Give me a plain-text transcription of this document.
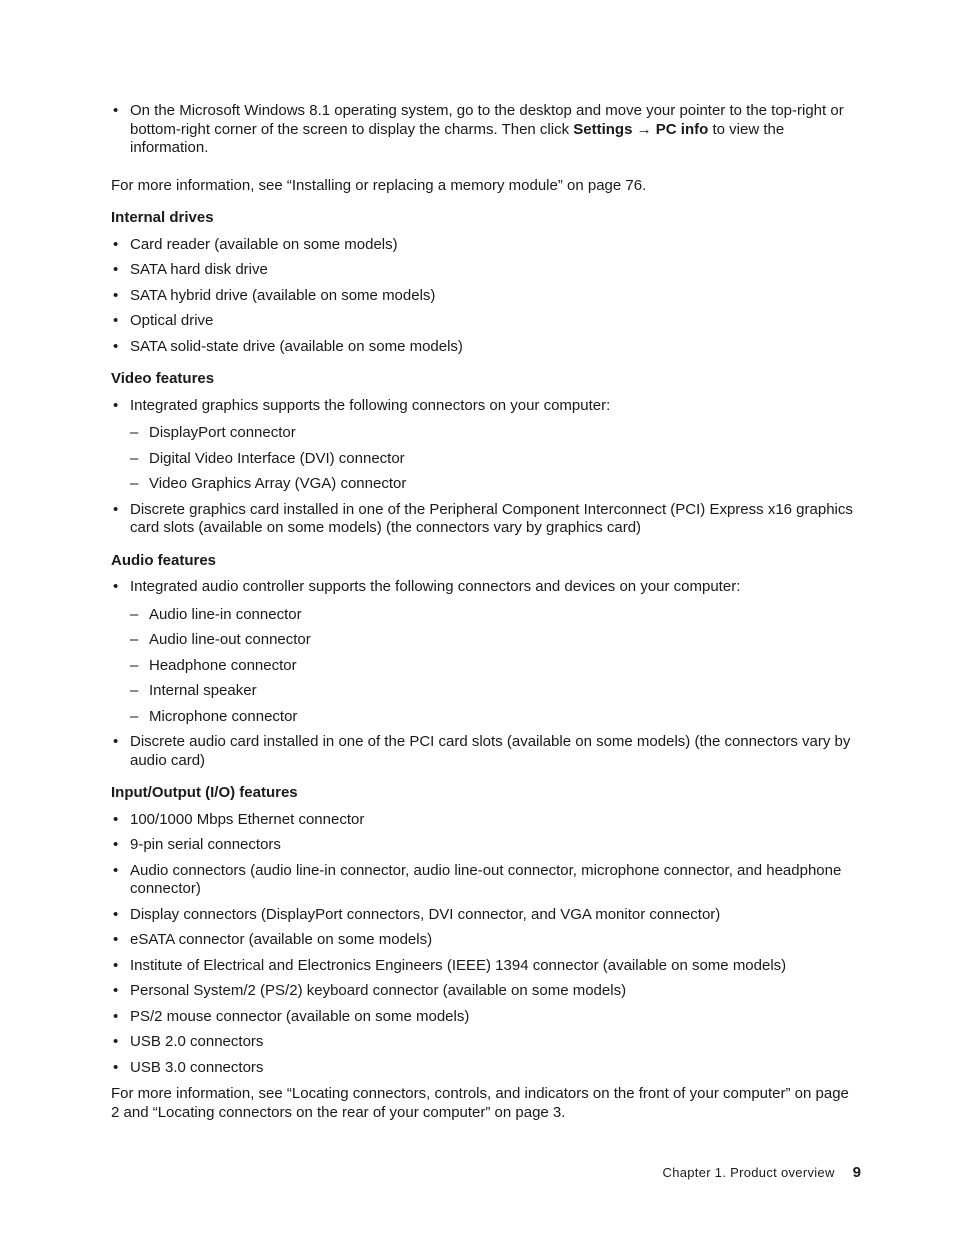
• On the Microsoft Windows 8.1 operating system, go to the desktop and move your pointer to the top-right or bottom-right corner of the screen to display the charms. Then click Settings → PC info to view the information.
For more information, see “Installing or replacing a memory module” on page 76.
Internal drives
• Card reader (available on some models)
• SATA hard disk drive
• SATA hybrid drive (available on some models)
• Optical drive
• SATA solid-state drive (available on some models)
Video features
• Integrated graphics supports the following connectors on your computer:
– DisplayPort connector
– Digital Video Interface (DVI) connector
– Video Graphics Array (VGA) connector
• Discrete graphics card installed in one of the Peripheral Component Interconnect (PCI) Express x16 graphics card slots (available on some models) (the connectors vary by graphics card)
Audio features
• Integrated audio controller supports the following connectors and devices on your computer:
– Audio line-in connector
– Audio line-out connector
– Headphone connector
– Internal speaker
– Microphone connector
• Discrete audio card installed in one of the PCI card slots (available on some models) (the connectors vary by audio card)
Input/Output (I/O) features
• 100/1000 Mbps Ethernet connector
• 9-pin serial connectors
• Audio connectors (audio line-in connector, audio line-out connector, microphone connector, and headphone connector)
• Display connectors (DisplayPort connectors, DVI connector, and VGA monitor connector)
• eSATA connector (available on some models)
• Institute of Electrical and Electronics Engineers (IEEE) 1394 connector (available on some models)
• Personal System/2 (PS/2) keyboard connector (available on some models)
• PS/2 mouse connector (available on some models)
• USB 2.0 connectors
• USB 3.0 connectors
For more information, see “Locating connectors, controls, and indicators on the front of your computer” on page 2 and “Locating connectors on the rear of your computer” on page 3.
Chapter 1. Product overview 9
